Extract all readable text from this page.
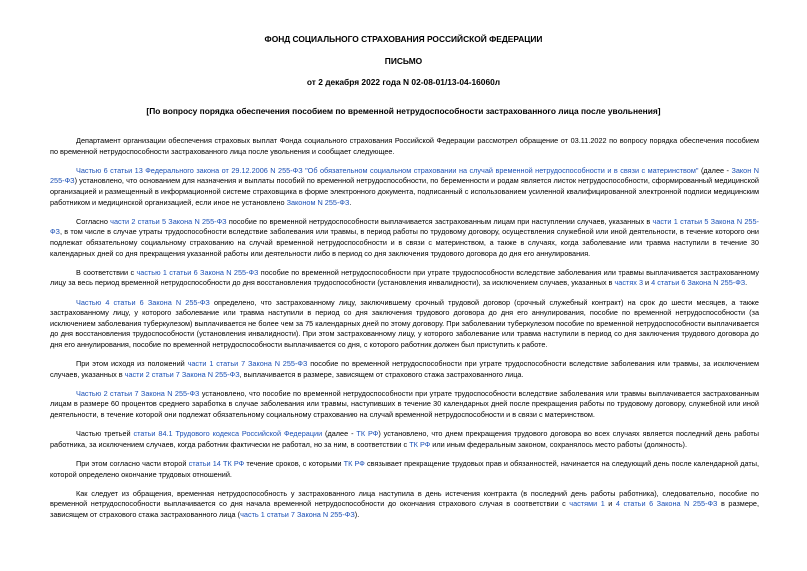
ФОНД СОЦИАЛЬНОГО СТРАХОВАНИЯ РОССИЙСКОЙ ФЕДЕРАЦИИ
ПИСЬМО
от 2 декабря 2022 года N 02-08-01/13-04-16060л
[По вопросу порядка обеспечения пособием по временной нетрудоспособности застрахованного лица после увольнения]

Департамент организации обеспечения страховых выплат Фонда социального страхования Российской Федерации рассмотрел обращение от 03.11.2022 по вопросу порядка обеспечения пособием по временной нетрудоспособности застрахованного лица после увольнения и сообщает следующее.

Частью 6 статьи 13 Федерального закона от 29.12.2006 N 255-ФЗ "Об обязательном социальном страховании на случай временной нетрудоспособности и в связи с материнством" (далее - Закон N 255-ФЗ) установлено, что основанием для назначения и выплаты пособий по временной нетрудоспособности, по беременности и родам является листок нетрудоспособности, сформированный медицинской организацией и размещенный в информационной системе страховщика в форме электронного документа, подписанный с использованием усиленной квалифицированной электронной подписи медицинским работником и медицинской организацией, если иное не установлено Законом N 255-ФЗ.

Согласно части 2 статьи 5 Закона N 255-ФЗ пособие по временной нетрудоспособности выплачивается застрахованным лицам при наступлении случаев, указанных в части 1 статьи 5 Закона N 255-ФЗ, в том числе в случае утраты трудоспособности вследствие заболевания или травмы, в период работы по трудовому договору, осуществления служебной или иной деятельности, в течение которого они подлежат обязательному социальному страхованию на случай временной нетрудоспособности и в связи с материнством, а также в случаях, когда заболевание или травма наступили в течение 30 календарных дней со дня прекращения указанной работы или деятельности либо в период со дня заключения трудового договора до дня его аннулирования.

В соответствии с частью 1 статьи 6 Закона N 255-ФЗ пособие по временной нетрудоспособности при утрате трудоспособности вследствие заболевания или травмы выплачивается застрахованному лицу за весь период временной нетрудоспособности до дня восстановления трудоспособности (установления инвалидности), за исключением случаев, указанных в частях 3 и 4 статьи 6 Закона N 255-ФЗ.

Частью 4 статьи 6 Закона N 255-ФЗ определено, что застрахованному лицу, заключившему срочный трудовой договор (срочный служебный контракт) на срок до шести месяцев, а также застрахованному лицу, у которого заболевание или травма наступили в период со дня заключения трудового договора до дня его аннулирования, пособие по временной нетрудоспособности (за исключением заболевания туберкулезом) выплачивается не более чем за 75 календарных дней по этому договору. При заболевании туберкулезом пособие по временной нетрудоспособности выплачивается до дня восстановления трудоспособности (установления инвалидности). При этом застрахованному лицу, у которого заболевание или травма наступили в период со дня заключения трудового договора до дня его аннулирования, пособие по временной нетрудоспособности выплачивается со дня, с которого работник должен был приступить к работе.

При этом исходя из положений части 1 статьи 7 Закона N 255-ФЗ пособие по временной нетрудоспособности при утрате трудоспособности вследствие заболевания или травмы, за исключением случаев, указанных в части 2 статьи 7 Закона N 255-ФЗ, выплачивается в размере, зависящем от страхового стажа застрахованного лица.

Частью 2 статьи 7 Закона N 255-ФЗ установлено, что пособие по временной нетрудоспособности при утрате трудоспособности вследствие заболевания или травмы выплачивается застрахованным лицам в размере 60 процентов среднего заработка в случае заболевания или травмы, наступивших в течение 30 календарных дней после прекращения работы по трудовому договору, служебной или иной деятельности, в течение которой они подлежат обязательному социальному страхованию на случай временной нетрудоспособности и в связи с материнством.

Частью третьей статьи 84.1 Трудового кодекса Российской Федерации (далее - ТК РФ) установлено, что днем прекращения трудового договора во всех случаях является последний день работы работника, за исключением случаев, когда работник фактически не работал, но за ним, в соответствии с ТК РФ или иным федеральным законом, сохранялось место работы (должность).

При этом согласно части второй статьи 14 ТК РФ течение сроков, с которыми ТК РФ связывает прекращение трудовых прав и обязанностей, начинается на следующий день после календарной даты, которой определено окончание трудовых отношений.

Как следует из обращения, временная нетрудоспособность у застрахованного лица наступила в день истечения контракта (в последний день работы работника), следовательно, пособие по временной нетрудоспособности выплачивается со дня начала временной нетрудоспособности до окончания страхового случая в соответствии с частями 1 и 4 статьи 6 Закона N 255-ФЗ в размере, зависящем от страхового стажа застрахованного лица (часть 1 статьи 7 Закона N 255-ФЗ).
